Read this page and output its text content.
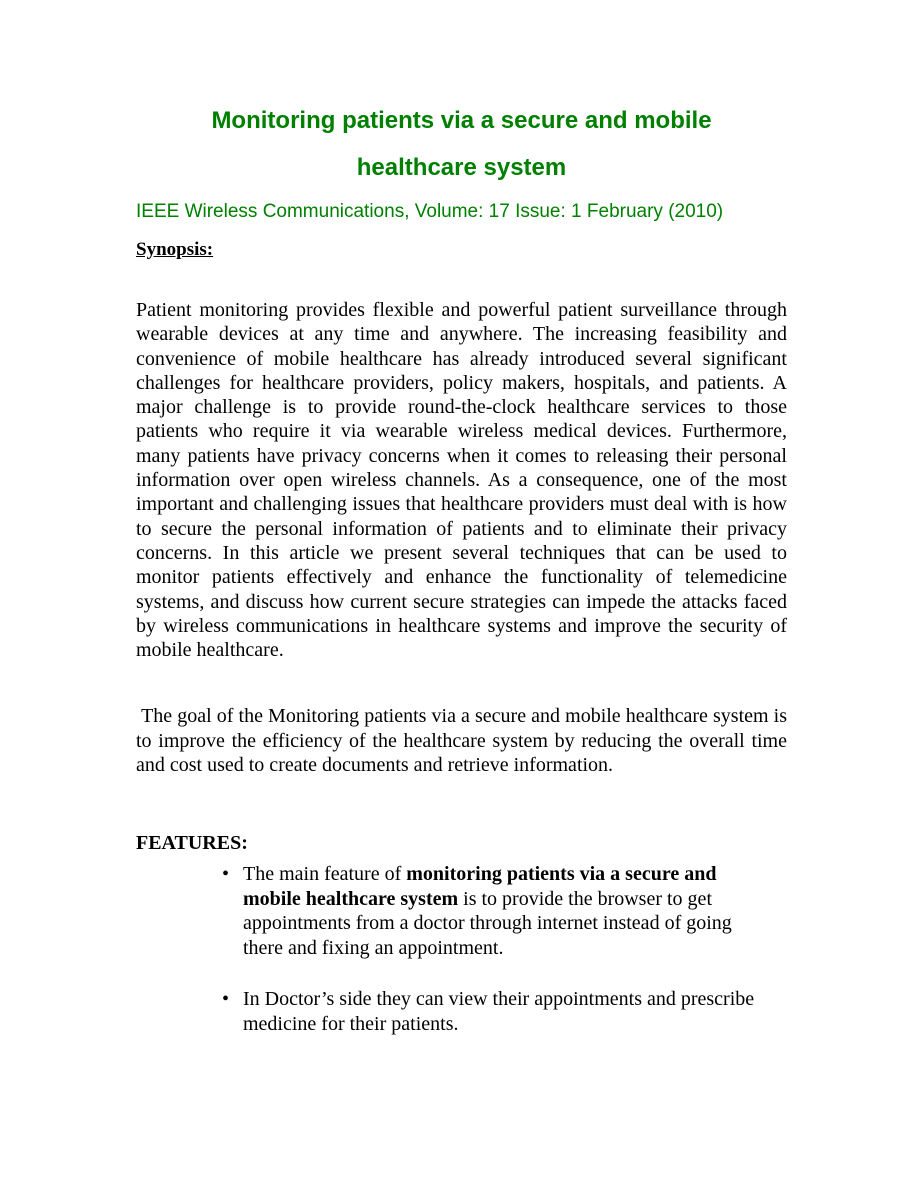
Monitoring patients via a secure and mobile
healthcare system

IEEE Wireless Communications, Volume: 17 Issue: 1 February (2010)

Synopsis:

Patient monitoring provides flexible and powerful patient surveillance through wearable devices at any time and anywhere. The increasing feasibility and convenience of mobile healthcare has already introduced several significant challenges for healthcare providers, policy makers, hospitals, and patients. A major challenge is to provide round-the-clock healthcare services to those patients who require it via wearable wireless medical devices. Furthermore, many patients have privacy concerns when it comes to releasing their personal information over open wireless channels. As a consequence, one of the most important and challenging issues that healthcare providers must deal with is how to secure the personal information of patients and to eliminate their privacy concerns. In this article we present several techniques that can be used to monitor patients effectively and enhance the functionality of telemedicine systems, and discuss how current secure strategies can impede the attacks faced by wireless communications in healthcare systems and improve the security of mobile healthcare.

The goal of the Monitoring patients via a secure and mobile healthcare system is to improve the efficiency of the healthcare system by reducing the overall time and cost used to create documents and retrieve information.

FEATURES:
• The main feature of monitoring patients via a secure and mobile healthcare system is to provide the browser to get appointments from a doctor through internet instead of going there and fixing an appointment.
• In Doctor’s side they can view their appointments and prescribe medicine for their patients.
